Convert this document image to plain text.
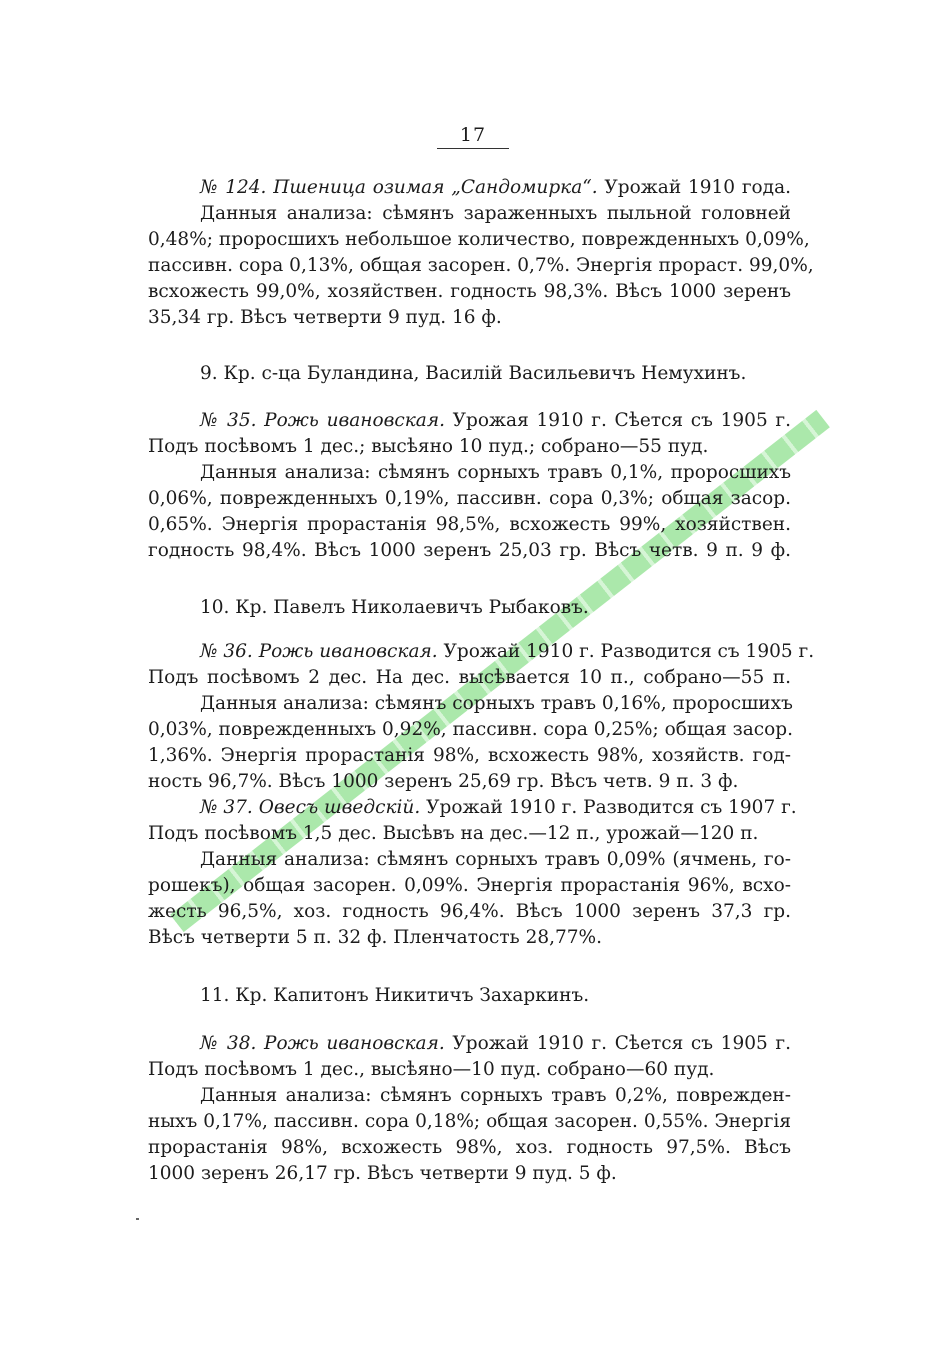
17
№ 124. Пшеница озимая „Сандомирка“. Урожай 1910 года.
Данныя анализа: сѣмянъ зараженныхъ пыльной головней
0,48%; проросшихъ небольшое количество, поврежденныхъ 0,09%,
пассивн. сора 0,13%, общая засорен. 0,7%. Энергія прораст. 99,0%,
всхожесть 99,0%, хозяйствен. годность 98,3%. Вѣсъ 1000 зеренъ
35,34 гр. Вѣсъ четверти 9 пуд. 16 ф.
9. Кр. с-ца Буландина, Василій Васильевичъ Немухинъ.
№ 35. Рожь ивановская. Урожая 1910 г. Сѣется съ 1905 г.
Подъ посѣвомъ 1 дес.; высѣяно 10 пуд.; собрано—55 пуд.
Данныя анализа: сѣмянъ сорныхъ травъ 0,1%, проросшихъ
0,06%, поврежденныхъ 0,19%, пассивн. сора 0,3%; общая засор.
0,65%. Энергія прорастанія 98,5%, всхожесть 99%, хозяйствен.
годность 98,4%. Вѣсъ 1000 зеренъ 25,03 гр. Вѣсъ четв. 9 п. 9 ф.
10. Кр. Павелъ Николаевичъ Рыбаковъ.
№ 36. Рожь ивановская. Урожай 1910 г. Разводится съ 1905 г.
Подъ посѣвомъ 2 дес. На дес. высѣвается 10 п., собрано—55 п.
Данныя анализа: сѣмянъ сорныхъ травъ 0,16%, проросшихъ
0,03%, поврежденныхъ 0,92%, пассивн. сора 0,25%; общая засор.
1,36%. Энергія прорастанія 98%, всхожесть 98%, хозяйств. год-
ность 96,7%. Вѣсъ 1000 зеренъ 25,69 гр. Вѣсъ четв. 9 п. 3 ф.
№ 37. Овесъ шведскій. Урожай 1910 г. Разводится съ 1907 г.
Подъ посѣвомъ 1,5 дес. Высѣвъ на дес.—12 п., урожай—120 п.
Данныя анализа: сѣмянъ сорныхъ травъ 0,09% (ячмень, го-
рошекъ), общая засорен. 0,09%. Энергія прорастанія 96%, всхо-
жесть 96,5%, хоз. годность 96,4%. Вѣсъ 1000 зеренъ 37,3 гр.
Вѣсъ четверти 5 п. 32 ф. Пленчатость 28,77%.
11. Кр. Капитонъ Никитичъ Захаркинъ.
№ 38. Рожь ивановская. Урожай 1910 г. Сѣется съ 1905 г.
Подъ посѣвомъ 1 дес., высѣяно—10 пуд. собрано—60 пуд.
Данныя анализа: сѣмянъ сорныхъ травъ 0,2%, поврежден-
ныхъ 0,17%, пассивн. сора 0,18%; общая засорен. 0,55%. Энергія
прорастанія 98%, всхожесть 98%, хоз. годность 97,5%. Вѣсъ
1000 зеренъ 26,17 гр. Вѣсъ четверти 9 пуд. 5 ф.
